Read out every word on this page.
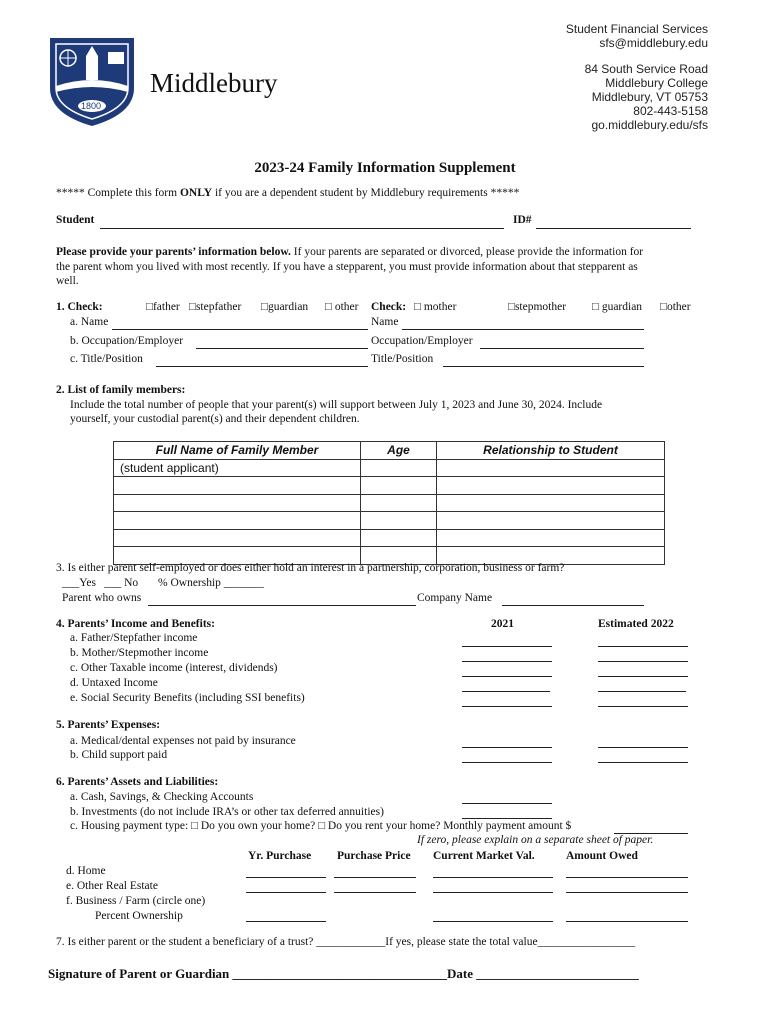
1800
Middlebury
Student Financial Services
sfs@middlebury.edu
84 South Service Road
Middlebury College
Middlebury, VT 05753
802-443-5158
go.middlebury.edu/sfs
2023-24 Family Information Supplement
***** Complete this form ONLY if you are a dependent student by Middlebury requirements *****
Student	ID#
Please provide your parents’ information below. If your parents are separated or divorced, please provide the information for
the parent whom you lived with most recently. If you have a stepparent, you must provide information about that stepparent as
well.
1. Check:	□father □stepfather □guardian □ other Check: □ mother	□stepmother □ guardian □other
a. Name	Name
b. Occupation/Employer	Occupation/Employer
c. Title/Position	Title/Position
2. List of family members:
Include the total number of people that your parent(s) will support between July 1, 2023 and June 30, 2024. Include
yourself, your custodial parent(s) and their dependent children.
Full Name of Family Member	Age	Relationship to Student
(student applicant)		

3. Is either parent self-employed or does either hold an interest in a partnership, corporation, business or farm?
___Yes ___ No % Ownership _______
Parent who owns	Company Name
4. Parents’ Income and Benefits:	2021	Estimated 2022
a. Father/Stepfather income
b. Mother/Stepmother income
c. Other Taxable income (interest, dividends)
d. Untaxed Income
e. Social Security Benefits (including SSI benefits)
5. Parents’ Expenses:
a. Medical/dental expenses not paid by insurance
b. Child support paid
6. Parents’ Assets and Liabilities:
a. Cash, Savings, & Checking Accounts
b. Investments (do not include IRA’s or other tax deferred annuities)
c. Housing payment type: □ Do you own your home? □ Do you rent your home? Monthly payment amount $
If zero, please explain on a separate sheet of paper.
Yr. Purchase Purchase Price Current Market Val.	Amount Owed
d. Home
e. Other Real Estate
f. Business / Farm (circle one)
Percent Ownership
7. Is either parent or the student a beneficiary of a trust? ____________If yes, please state the total value_________________
Signature of Parent or Guardian _________________________________Date _________________________
